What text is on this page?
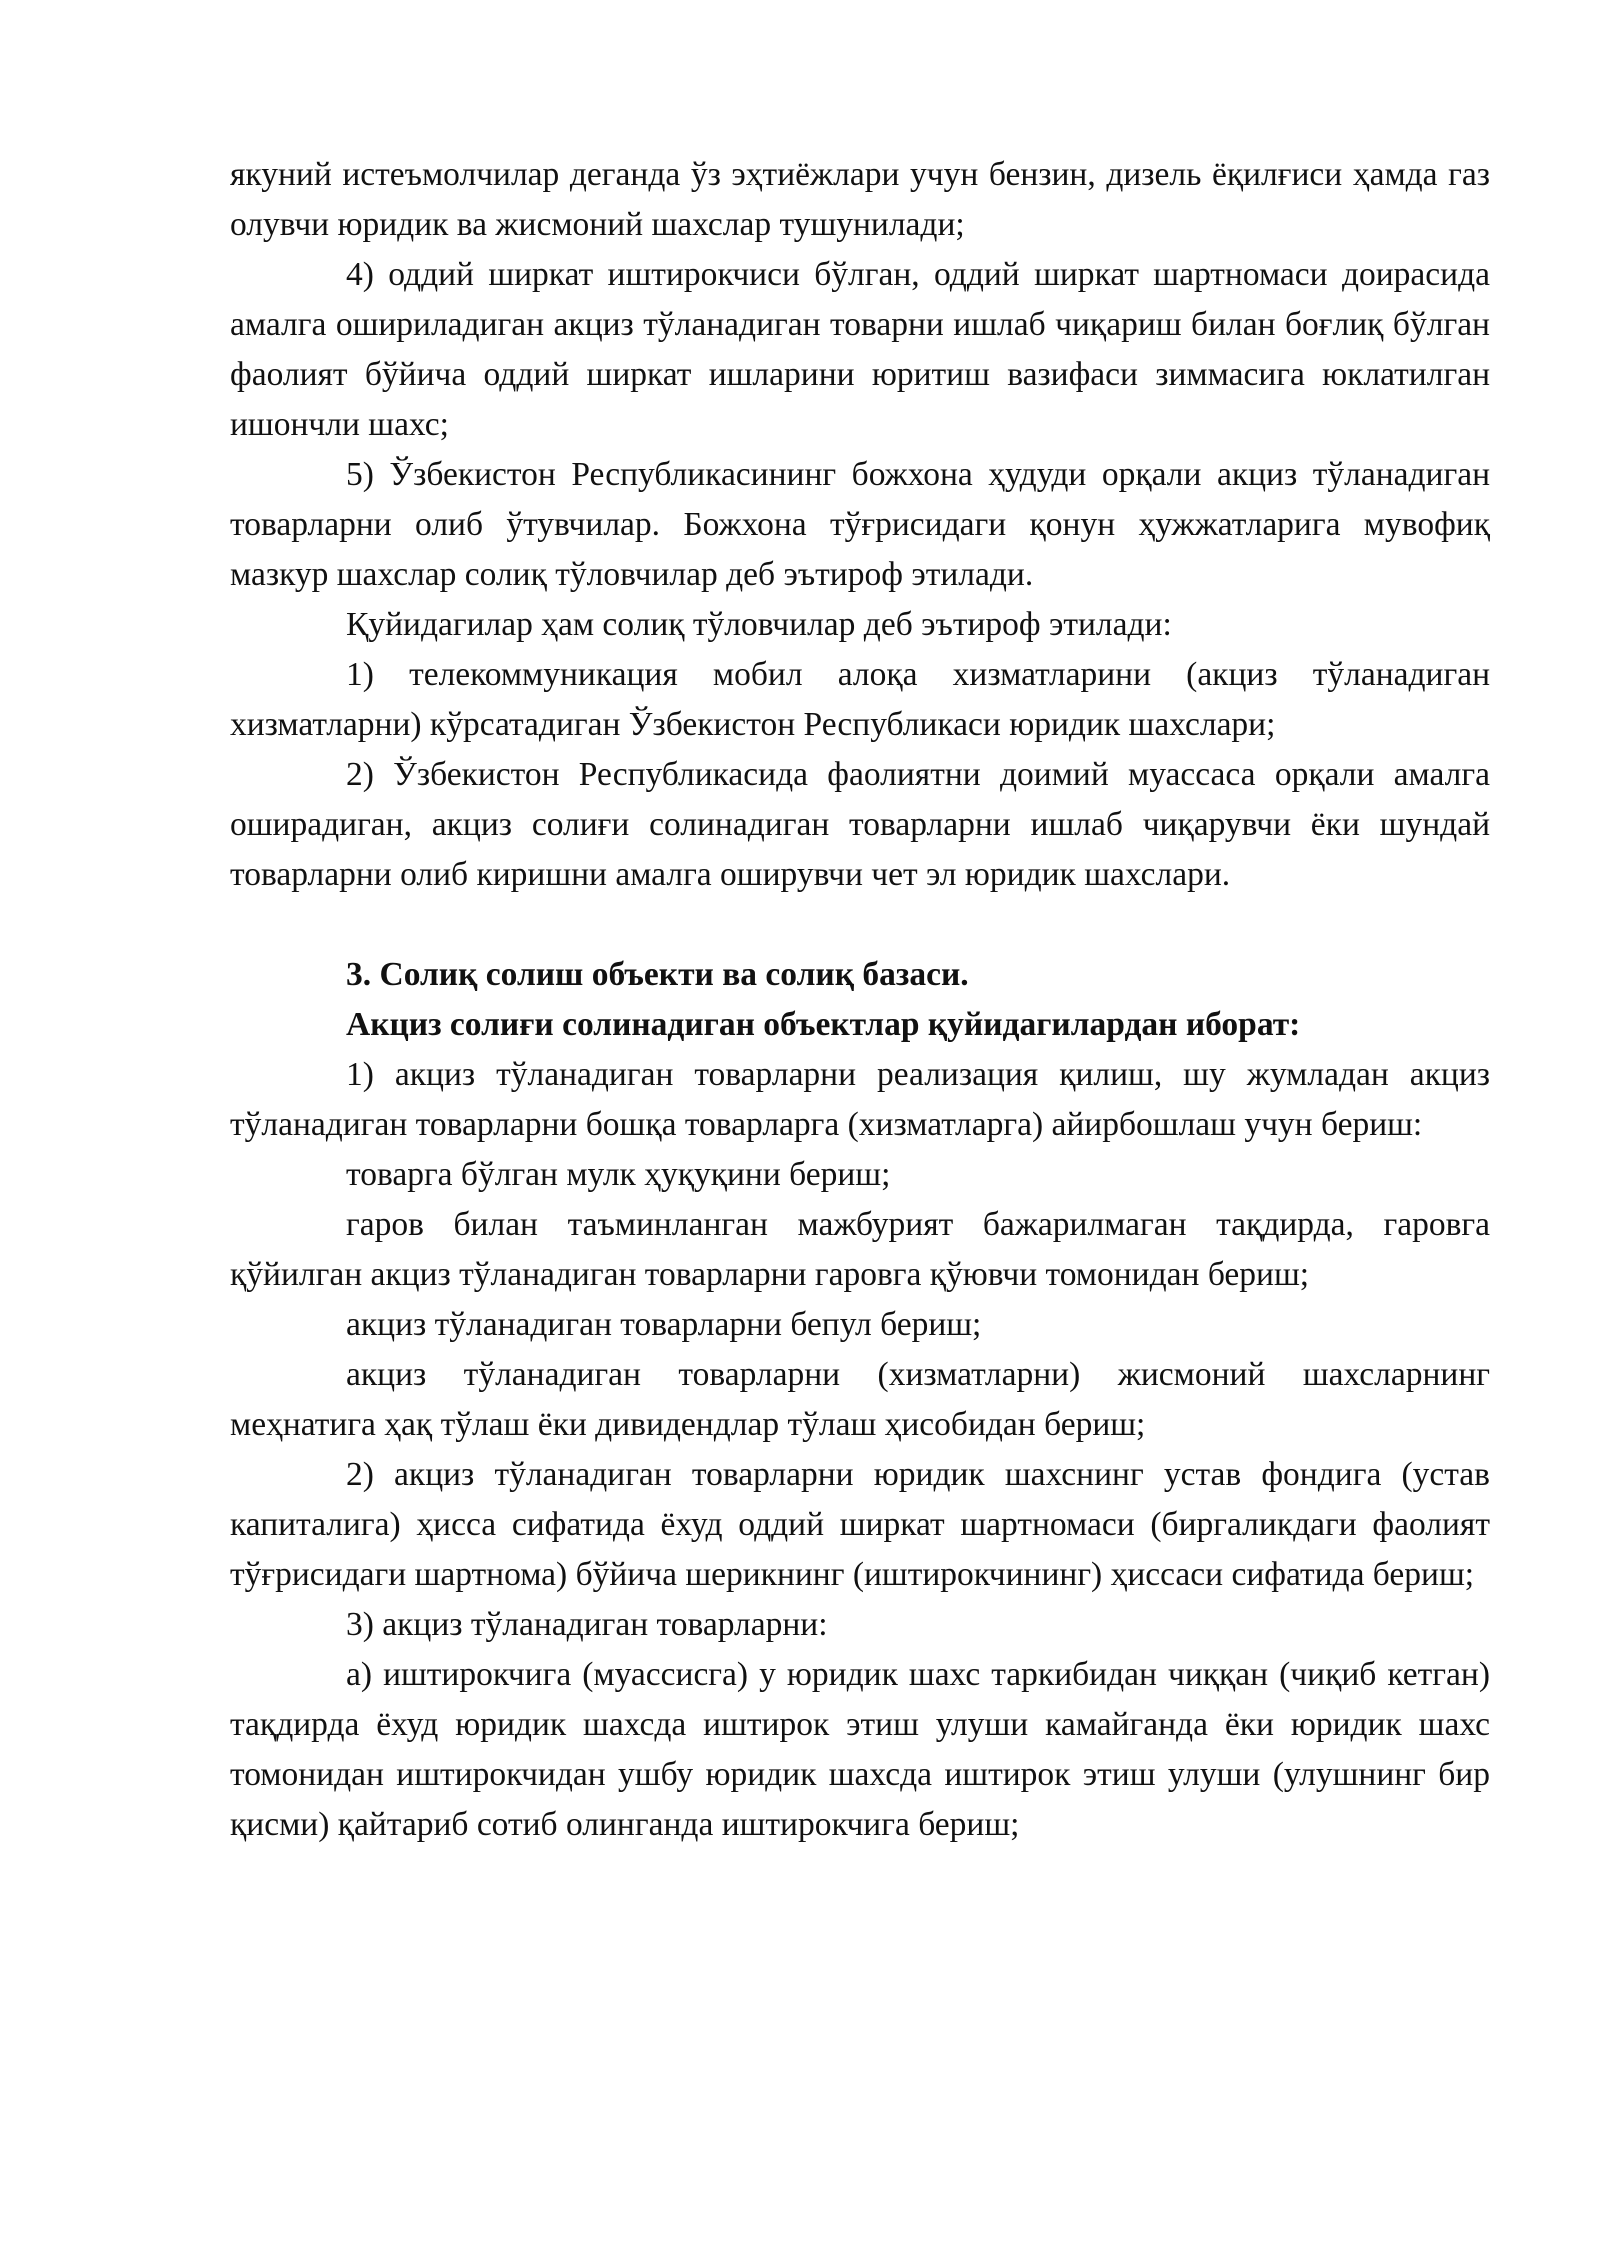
якуний истеъмолчилар деганда ўз эҳтиёжлари учун бензин, дизель ёқилғиси ҳамда газ олувчи юридик ва жисмоний шахслар тушунилади;

4) оддий ширкат иштирокчиси бўлган, оддий ширкат шартномаси доирасида амалга ошириладиган акциз тўланадиган товарни ишлаб чиқариш билан боғлиқ бўлган фаолият бўйича оддий ширкат ишларини юритиш вазифаси зиммасига юклатилган ишончли шахс;

5) Ўзбекистон Республикасининг божхона ҳудуди орқали акциз тўланадиган товарларни олиб ўтувчилар. Божхона тўғрисидаги қонун ҳужжатларига мувофиқ мазкур шахслар солиқ тўловчилар деб эътироф этилади.

Қуйидагилар ҳам солиқ тўловчилар деб эътироф этилади:

1) телекоммуникация мобил алоқа хизматларини (акциз тўланадиган хизматларни) кўрсатадиган Ўзбекистон Республикаси юридик шахслари;

2) Ўзбекистон Республикасида фаолиятни доимий муассаса орқали амалга оширадиган, акциз солиғи солинадиган товарларни ишлаб чиқарувчи ёки шундай товарларни олиб киришни амалга оширувчи чет эл юридик шахслари.

3. Солиқ солиш объекти ва солиқ базаси.

Акциз солиғи солинадиган объектлар қуйидагилардан иборат:

1) акциз тўланадиган товарларни реализация қилиш, шу жумладан акциз тўланадиган товарларни бошқа товарларга (хизматларга) айирбошлаш учун бериш:

товарга бўлган мулк ҳуқуқини бериш;

гаров билан таъминланган мажбурият бажарилмаган тақдирда, гаровга қўйилган акциз тўланадиган товарларни гаровга қўювчи томонидан бериш;

акциз тўланадиган товарларни бепул бериш;

акциз тўланадиган товарларни (хизматларни) жисмоний шахсларнинг меҳнатига ҳақ тўлаш ёки дивидендлар тўлаш ҳисобидан бериш;

2) акциз тўланадиган товарларни юридик шахснинг устав фондига (устав капиталига) ҳисса сифатида ёхуд оддий ширкат шартномаси (биргаликдаги фаолият тўғрисидаги шартнома) бўйича шерикнинг (иштирокчининг) ҳиссаси сифатида бериш;

3) акциз тўланадиган товарларни:

а) иштирокчига (муассисга) у юридик шахс таркибидан чиққан (чиқиб кетган) тақдирда ёхуд юридик шахсда иштирок этиш улуши камайганда ёки юридик шахс томонидан иштирокчидан ушбу юридик шахсда иштирок этиш улуши (улушнинг бир қисми) қайтариб сотиб олинганда иштирокчига бериш;
